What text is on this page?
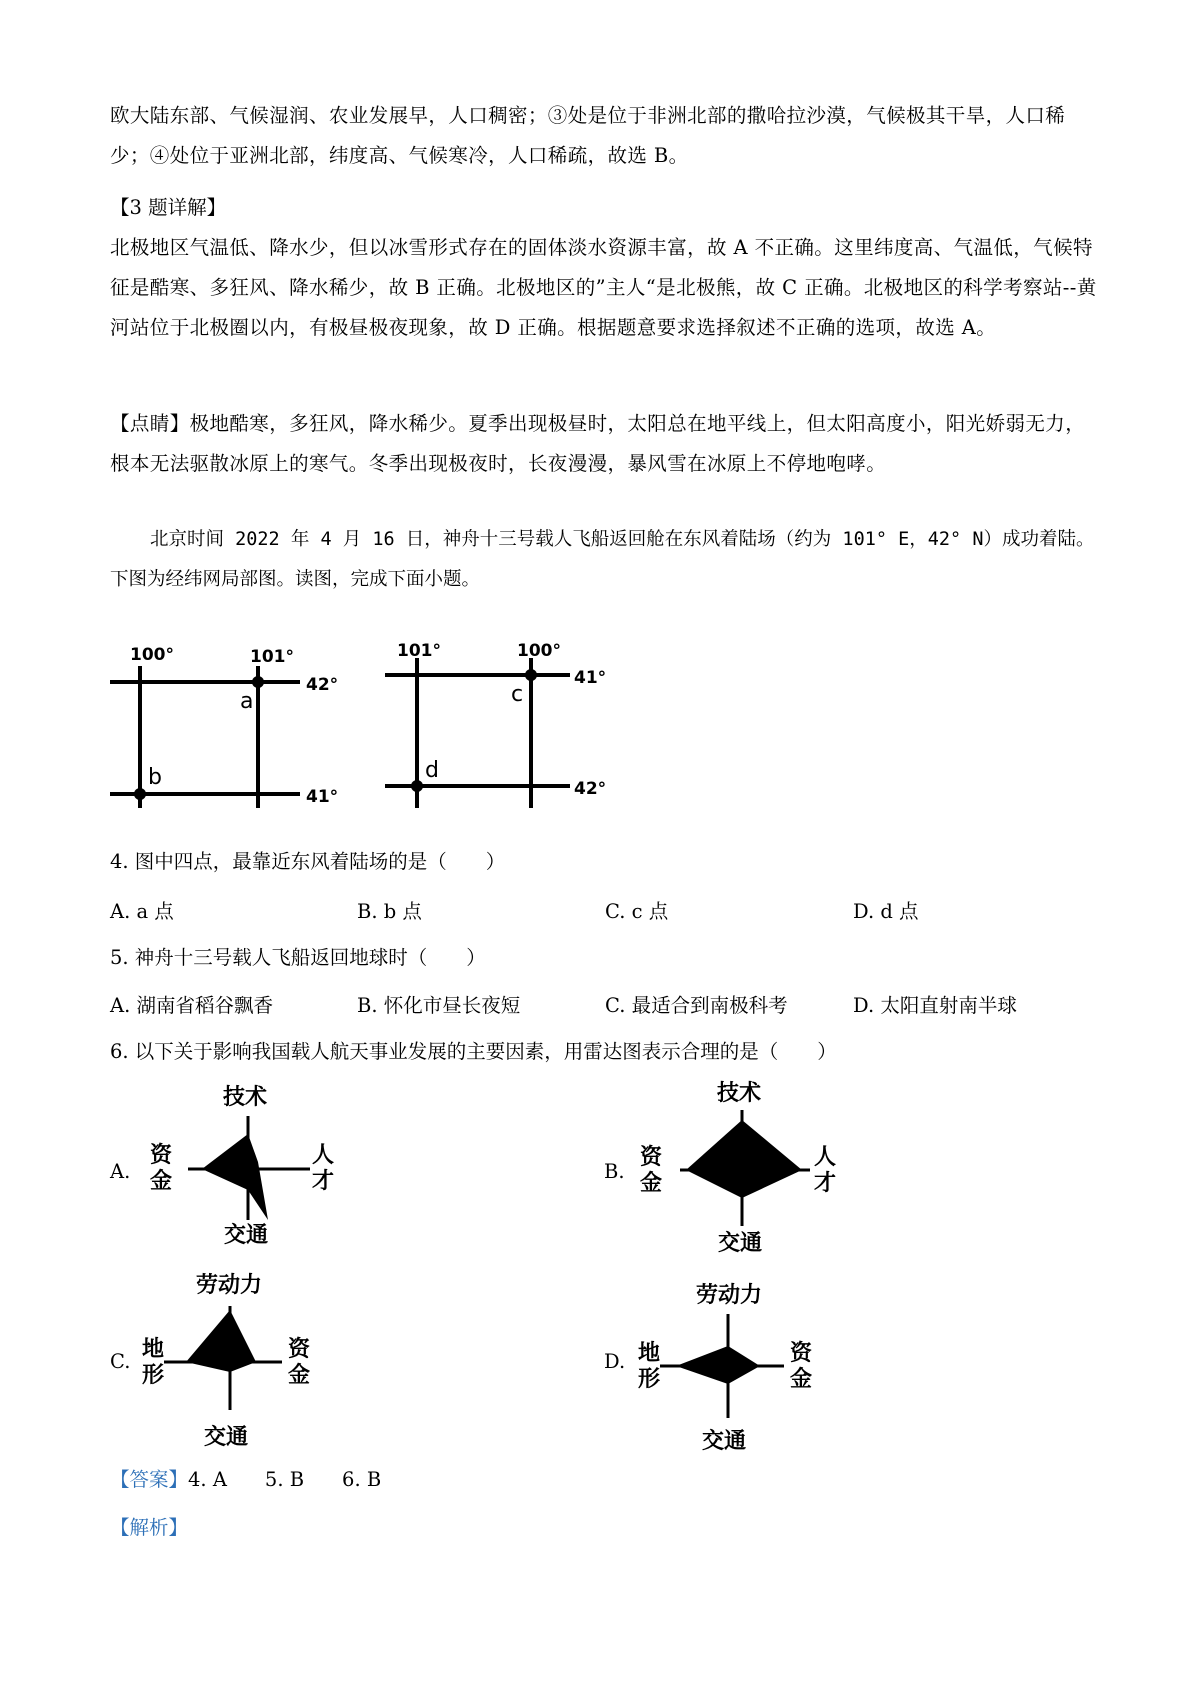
欧大陆东部、气候湿润、农业发展早，人口稠密；③处是位于非洲北部的撒哈拉沙漠，气候极其干旱，人口稀少；④处位于亚洲北部，纬度高、气候寒冷，人口稀疏，故选 B。
【3 题详解】
北极地区气温低、降水少，但以冰雪形式存在的固体淡水资源丰富，故 A 不正确。这里纬度高、气温低，气候特征是酷寒、多狂风、降水稀少，故 B 正确。北极地区的”主人“是北极熊，故 C 正确。北极地区的科学考察站--黄河站位于北极圈以内，有极昼极夜现象，故 D 正确。根据题意要求选择叙述不正确的选项，故选 A。
【点睛】极地酷寒，多狂风，降水稀少。夏季出现极昼时，太阳总在地平线上，但太阳高度小，阳光娇弱无力，根本无法驱散冰原上的寒气。冬季出现极夜时，长夜漫漫，暴风雪在冰原上不停地咆哮。
北京时间 2022 年 4 月 16 日，神舟十三号载人飞船返回舱在东风着陆场（约为 101° E，42° N）成功着陆。下图为经纬网局部图。读图，完成下面小题。
100°	101°
42°
41°
a
b
101°	100°
41°
42°
c
d
4. 图中四点，最靠近东风着陆场的是（　　）
A. a 点	B. b 点	C. c 点	D. d 点
5. 神舟十三号载人飞船返回地球时（　　）
A. 湖南省稻谷飘香	B. 怀化市昼长夜短	C. 最适合到南极科考	D. 太阳直射南半球
6. 以下关于影响我国载人航天事业发展的主要因素，用雷达图表示合理的是（　　）
A.
技术
资
金
人
才
交通
B.
技术
资
金
人
才
交通
C.
劳动力
地
形
资
金
交通
D.
劳动力
地
形
资
金
交通
【答案】4. A 5. B 6. B
【解析】
